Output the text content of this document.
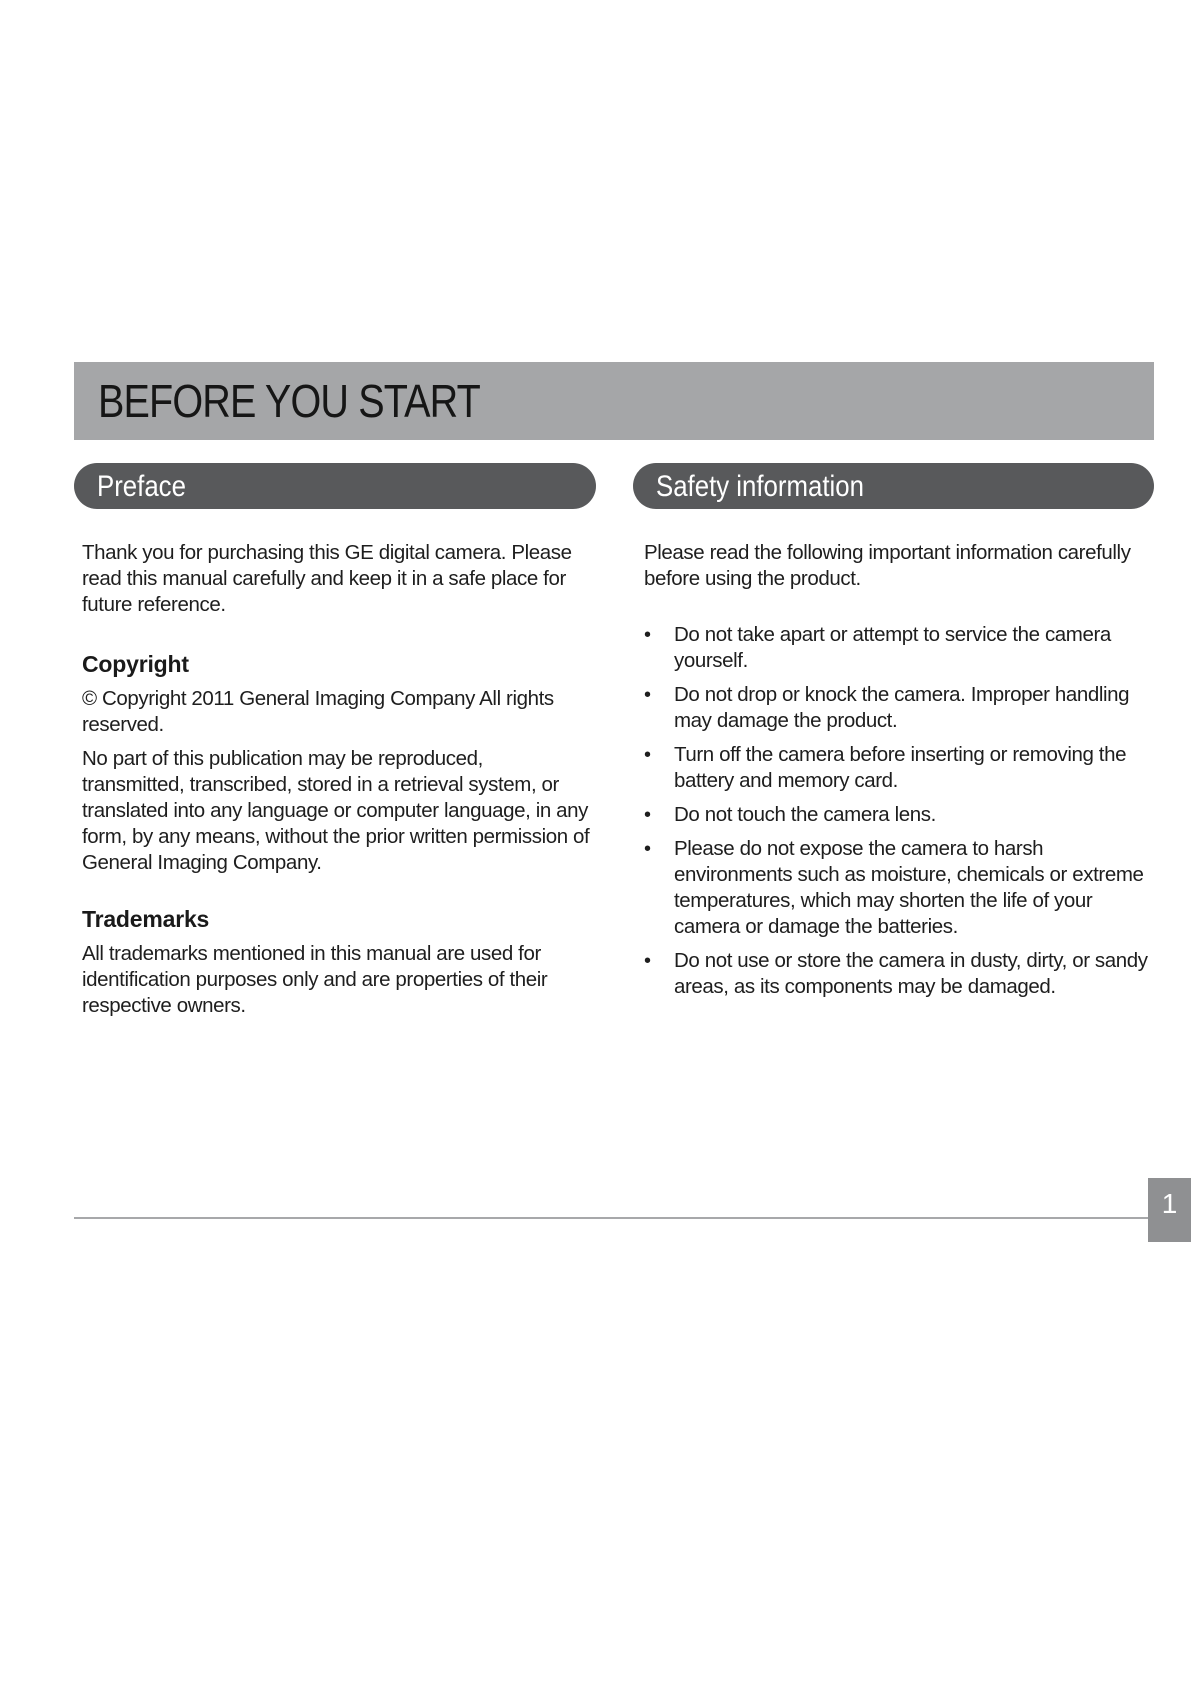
BEFORE YOU START
Preface

Thank you for purchasing this GE digital camera. Please read this manual carefully and keep it in a safe place for future reference.

Copyright

© Copyright 2011 General Imaging Company All rights reserved.

No part of this publication may be reproduced, transmitted, transcribed, stored in a retrieval system, or translated into any language or computer language, in any form, by any means, without the prior written permission of General Imaging Company.

Trademarks

All trademarks mentioned in this manual are used for identification purposes only and are properties of their respective owners.

Safety information

Please read the following important information carefully before using the product.

• Do not take apart or attempt to service the camera yourself.
• Do not drop or knock the camera. Improper handling may damage the product.
• Turn off the camera before inserting or removing the battery and memory card.
• Do not touch the camera lens.
• Please do not expose the camera to harsh environments such as moisture, chemicals or extreme temperatures, which may shorten the life of your camera or damage the batteries.
• Do not use or store the camera in dusty, dirty, or sandy areas, as its components may be damaged.
1
